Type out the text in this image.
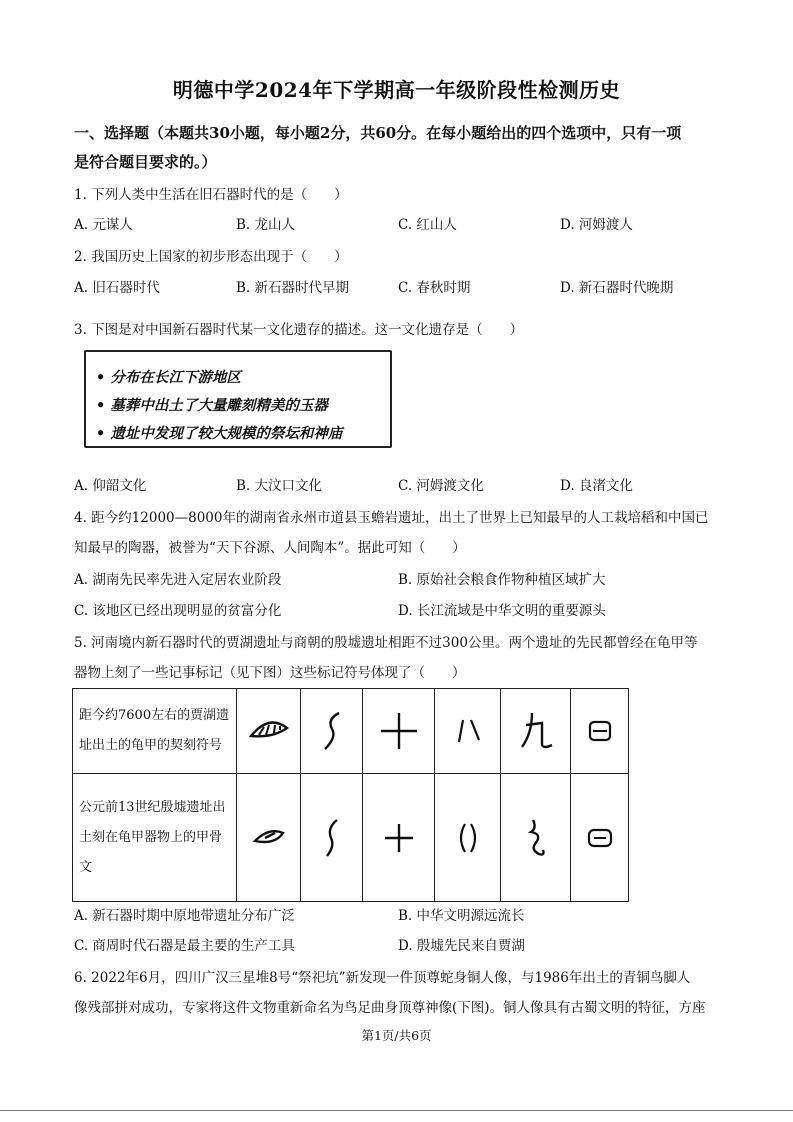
明德中学2024年下学期高一年级阶段性检测历史
一、选择题（本题共30小题，每小题2分，共60分。在每小题给出的四个选项中，只有一项
是符合题目要求的。）
1. 下列人类中生活在旧石器时代的是（　　）
A. 元谋人	B. 龙山人	C. 红山人	D. 河姆渡人
2. 我国历史上国家的初步形态出现于（　　）
A. 旧石器时代	B. 新石器时代早期	C. 春秋时期	D. 新石器时代晚期
3. 下图是对中国新石器时代某一文化遗存的描述。这一文化遗存是（　　）
• 分布在长江下游地区
• 墓葬中出土了大量雕刻精美的玉器
• 遗址中发现了较大规模的祭坛和神庙
A. 仰韶文化	B. 大汶口文化	C. 河姆渡文化	D. 良渚文化
4. 距今约12000—8000年的湖南省永州市道县玉蟾岩遗址，出土了世界上已知最早的人工栽培稻和中国已
知最早的陶器，被誉为“天下谷源、人间陶本”。据此可知（　　）
A. 湖南先民率先进入定居农业阶段	B. 原始社会粮食作物种植区域扩大
C. 该地区已经出现明显的贫富分化	D. 长江流域是中华文明的重要源头
5. 河南境内新石器时代的贾湖遗址与商朝的殷墟遗址相距不过300公里。两个遗址的先民都曾经在龟甲等
器物上刻了一些记事标记（见下图）这些标记符号体现了（　　）
距今约7600左右的贾湖遗址出土的龟甲的契刻符号	

公元前13世纪殷墟遗址出土刻在龟甲器物上的甲骨文	

A. 新石器时期中原地带遗址分布广泛	B. 中华文明源远流长
C. 商周时代石器是最主要的生产工具	D. 殷墟先民来自贾湖
6. 2022年6月，四川广汉三星堆8号“祭祀坑”新发现一件顶尊蛇身铜人像，与1986年出土的青铜鸟脚人
像残部拼对成功，专家将这件文物重新命名为鸟足曲身顶尊神像(下图)。铜人像具有古蜀文明的特征，方座
第1页/共6页
